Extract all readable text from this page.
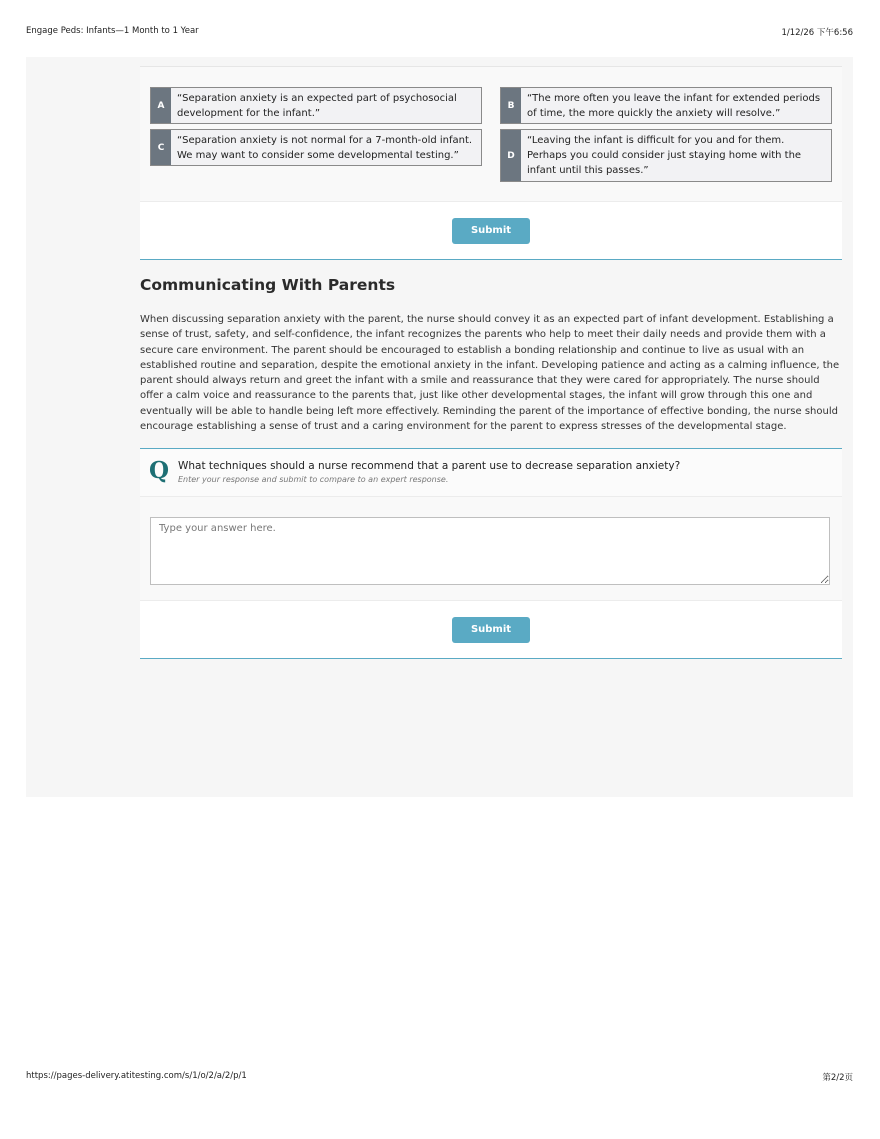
Engage Peds: Infants—1 Month to 1 Year	1/12/26 下午6:56
A
“Separation anxiety is an expected part of psychosocial development for the infant.”
B
“The more often you leave the infant for extended periods of time, the more quickly the anxiety will resolve.”
C
“Separation anxiety is not normal for a 7-month-old infant. We may want to consider some developmental testing.”	D
“Leaving the infant is difficult for you and for them. Perhaps you could consider just staying home with the infant until this passes.”
Submit
Communicating With Parents

When discussing separation anxiety with the parent, the nurse should convey it as an expected part of infant development. Establishing a sense of trust, safety, and self-confidence, the infant recognizes the parents who help to meet their daily needs and provide them with a secure care environment. The parent should be encouraged to establish a bonding relationship and continue to live as usual with an established routine and separation, despite the emotional anxiety in the infant. Developing patience and acting as a calming influence, the parent should always return and greet the infant with a smile and reassurance that they were cared for appropriately. The nurse should offer a calm voice and reassurance to the parents that, just like other developmental stages, the infant will grow through this one and eventually will be able to handle being left more effectively. Reminding the parent of the importance of effective bonding, the nurse should encourage establishing a sense of trust and a caring environment for the parent to express stresses of the developmental stage.

Q What techniques should a nurse recommend that a parent use to decrease separation anxiety?
Enter your response and submit to compare to an expert response.
Type your answer here.
Submit
https://pages-delivery.atitesting.com/s/1/o/2/a/2/p/1	第2/2页
